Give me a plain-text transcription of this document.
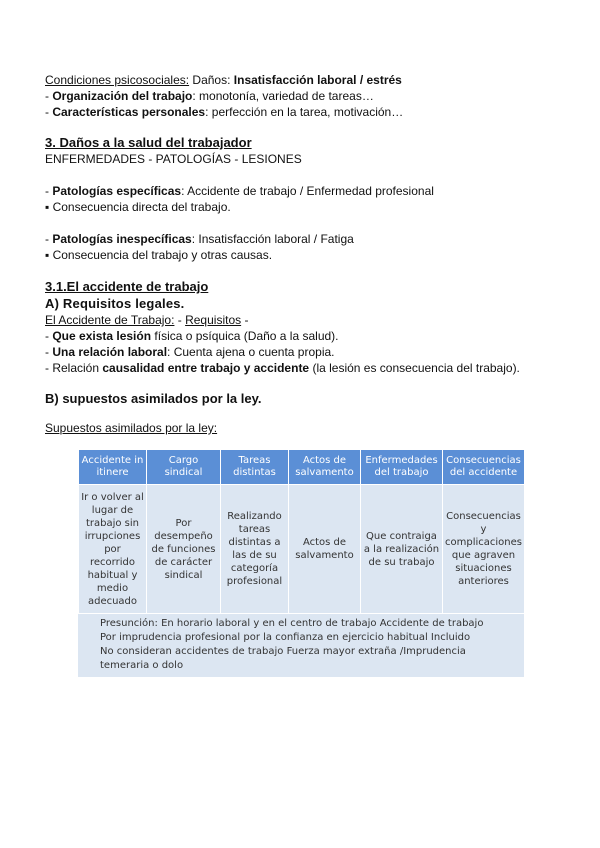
Condiciones psicosociales: Daños: Insatisfacción laboral / estrés

- Organización del trabajo: monotonía, variedad de tareas…

- Características personales: perfección en la tarea, motivación…

3. Daños a la salud del trabajador

ENFERMEDADES - PATOLOGÍAS - LESIONES

- Patologías específicas: Accidente de trabajo / Enfermedad profesional

▪ Consecuencia directa del trabajo.

- Patologías inespecíficas: Insatisfacción laboral / Fatiga

▪ Consecuencia del trabajo y otras causas.

3.1.El accidente de trabajo

A) Requisitos legales.

El Accidente de Trabajo: - Requisitos -

- Que exista lesión física o psíquica (Daño a la salud).

- Una relación laboral: Cuenta ajena o cuenta propia.

- Relación causalidad entre trabajo y accidente (la lesión es consecuencia del trabajo).

B) supuestos asimilados por la ley.

Supuestos asimilados por la ley:

Accidente in itinere	Cargo sindical	Tareas distintas	Actos de salvamento	Enfermedades del trabajo	Consecuencias del accidente
Ir o volver al lugar de trabajo sin irrupciones por recorrido habitual y medio adecuado	Por desempeño de funciones de carácter sindical	Realizando tareas distintas a las de su categoría profesional	Actos de salvamento	Que contraiga a la realización de su trabajo	Consecuencias y complicaciones que agraven situaciones anteriores
Presunción: En horario laboral y en el centro de trabajo Accidente de trabajo
Por imprudencia profesional por la confianza en ejercicio habitual Incluido
No consideran accidentes de trabajo Fuerza mayor extraña /Imprudencia temeraria o dolo
